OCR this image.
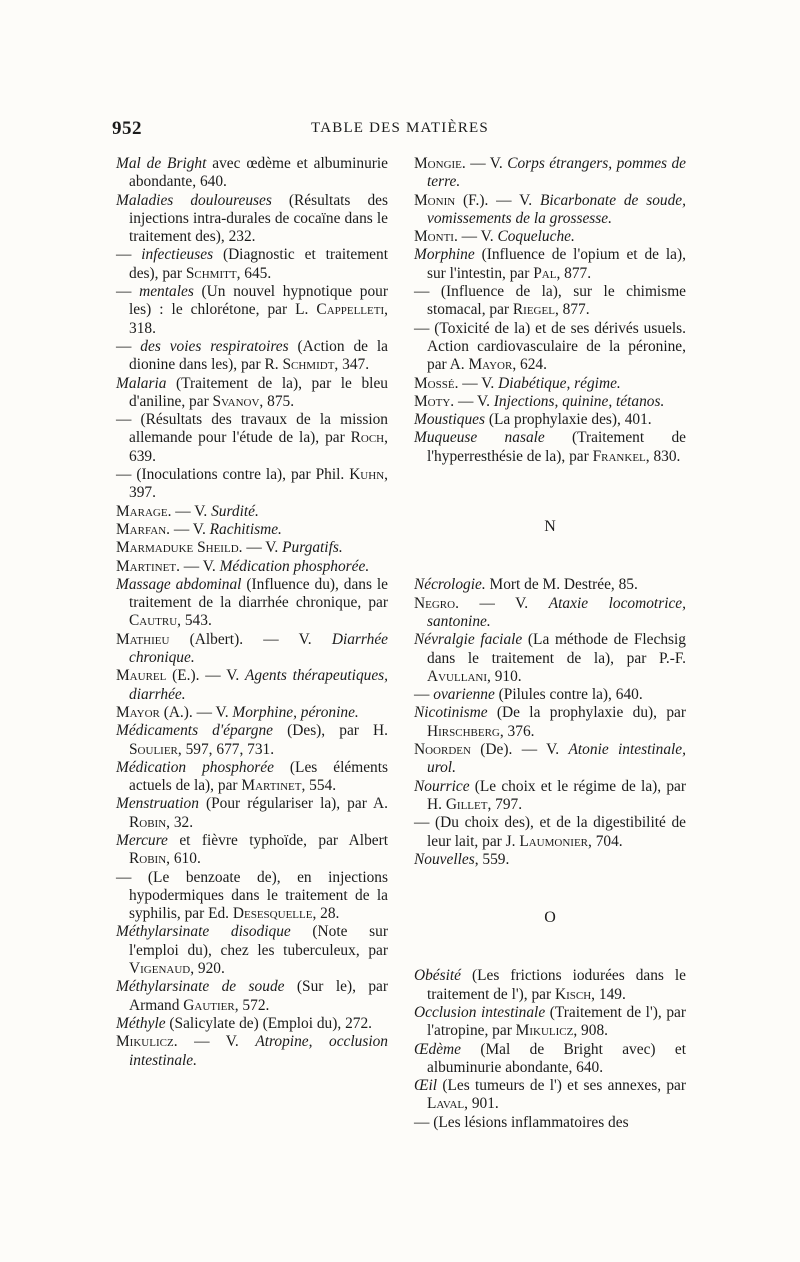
952	TABLE DES MATIÈRES

Mal de Bright avec œdème et albuminurie abondante, 640.

Maladies douloureuses (Résultats des injections intra-durales de cocaïne dans le traitement des), 232.

— infectieuses (Diagnostic et traitement des), par Schmitt, 645.

— mentales (Un nouvel hypnotique pour les) : le chlorétone, par L. Cappelleti, 318.

— des voies respiratoires (Action de la dionine dans les), par R. Schmidt, 347.

Malaria (Traitement de la), par le bleu d'aniline, par Svanov, 875.

— (Résultats des travaux de la mission allemande pour l'étude de la), par Roch, 639.

— (Inoculations contre la), par Phil. Kuhn, 397.

Marage. — V. Surdité.

Marfan. — V. Rachitisme.

Marmaduke Sheild. — V. Purgatifs.

Martinet. — V. Médication phosphorée.

Massage abdominal (Influence du), dans le traitement de la diarrhée chronique, par Cautru, 543.

Mathieu (Albert). — V. Diarrhée chronique.

Maurel (E.). — V. Agents thérapeutiques, diarrhée.

Mayor (A.). — V. Morphine, péronine.

Médicaments d'épargne (Des), par H. Soulier, 597, 677, 731.

Médication phosphorée (Les éléments actuels de la), par Martinet, 554.

Menstruation (Pour régulariser la), par A. Robin, 32.

Mercure et fièvre typhoïde, par Albert Robin, 610.

— (Le benzoate de), en injections hypodermiques dans le traitement de la syphilis, par Ed. Desesquelle, 28.

Méthylarsinate disodique (Note sur l'emploi du), chez les tuberculeux, par Vigenaud, 920.

Méthylarsinate de soude (Sur le), par Armand Gautier, 572.

Méthyle (Salicylate de) (Emploi du), 272.

Mikulicz. — V. Atropine, occlusion intestinale.

Mongie. — V. Corps étrangers, pommes de terre.

Monin (F.). — V. Bicarbonate de soude, vomissements de la grossesse.

Monti. — V. Coqueluche.

Morphine (Influence de l'opium et de la), sur l'intestin, par Pal, 877.

— (Influence de la), sur le chimisme stomacal, par Riegel, 877.

— (Toxicité de la) et de ses dérivés usuels. Action cardiovasculaire de la péronine, par A. Mayor, 624.

Mossé. — V. Diabétique, régime.

Moty. — V. Injections, quinine, tétanos.

Moustiques (La prophylaxie des), 401.

Muqueuse nasale (Traitement de l'hyperresthésie de la), par Frankel, 830.

N

Nécrologie. Mort de M. Destrée, 85.

Negro. — V. Ataxie locomotrice, santonine.

Névralgie faciale (La méthode de Flechsig dans le traitement de la), par P.-F. Avullani, 910.

— ovarienne (Pilules contre la), 640.

Nicotinisme (De la prophylaxie du), par Hirschberg, 376.

Noorden (De). — V. Atonie intestinale, urol.

Nourrice (Le choix et le régime de la), par H. Gillet, 797.

— (Du choix des), et de la digestibilité de leur lait, par J. Laumonier, 704.

Nouvelles, 559.

O

Obésité (Les frictions iodurées dans le traitement de l'), par Kisch, 149.

Occlusion intestinale (Traitement de l'), par l'atropine, par Mikulicz, 908.

Œdème (Mal de Bright avec) et albuminurie abondante, 640.

Œil (Les tumeurs de l') et ses annexes, par Laval, 901.

— (Les lésions inflammatoires des
